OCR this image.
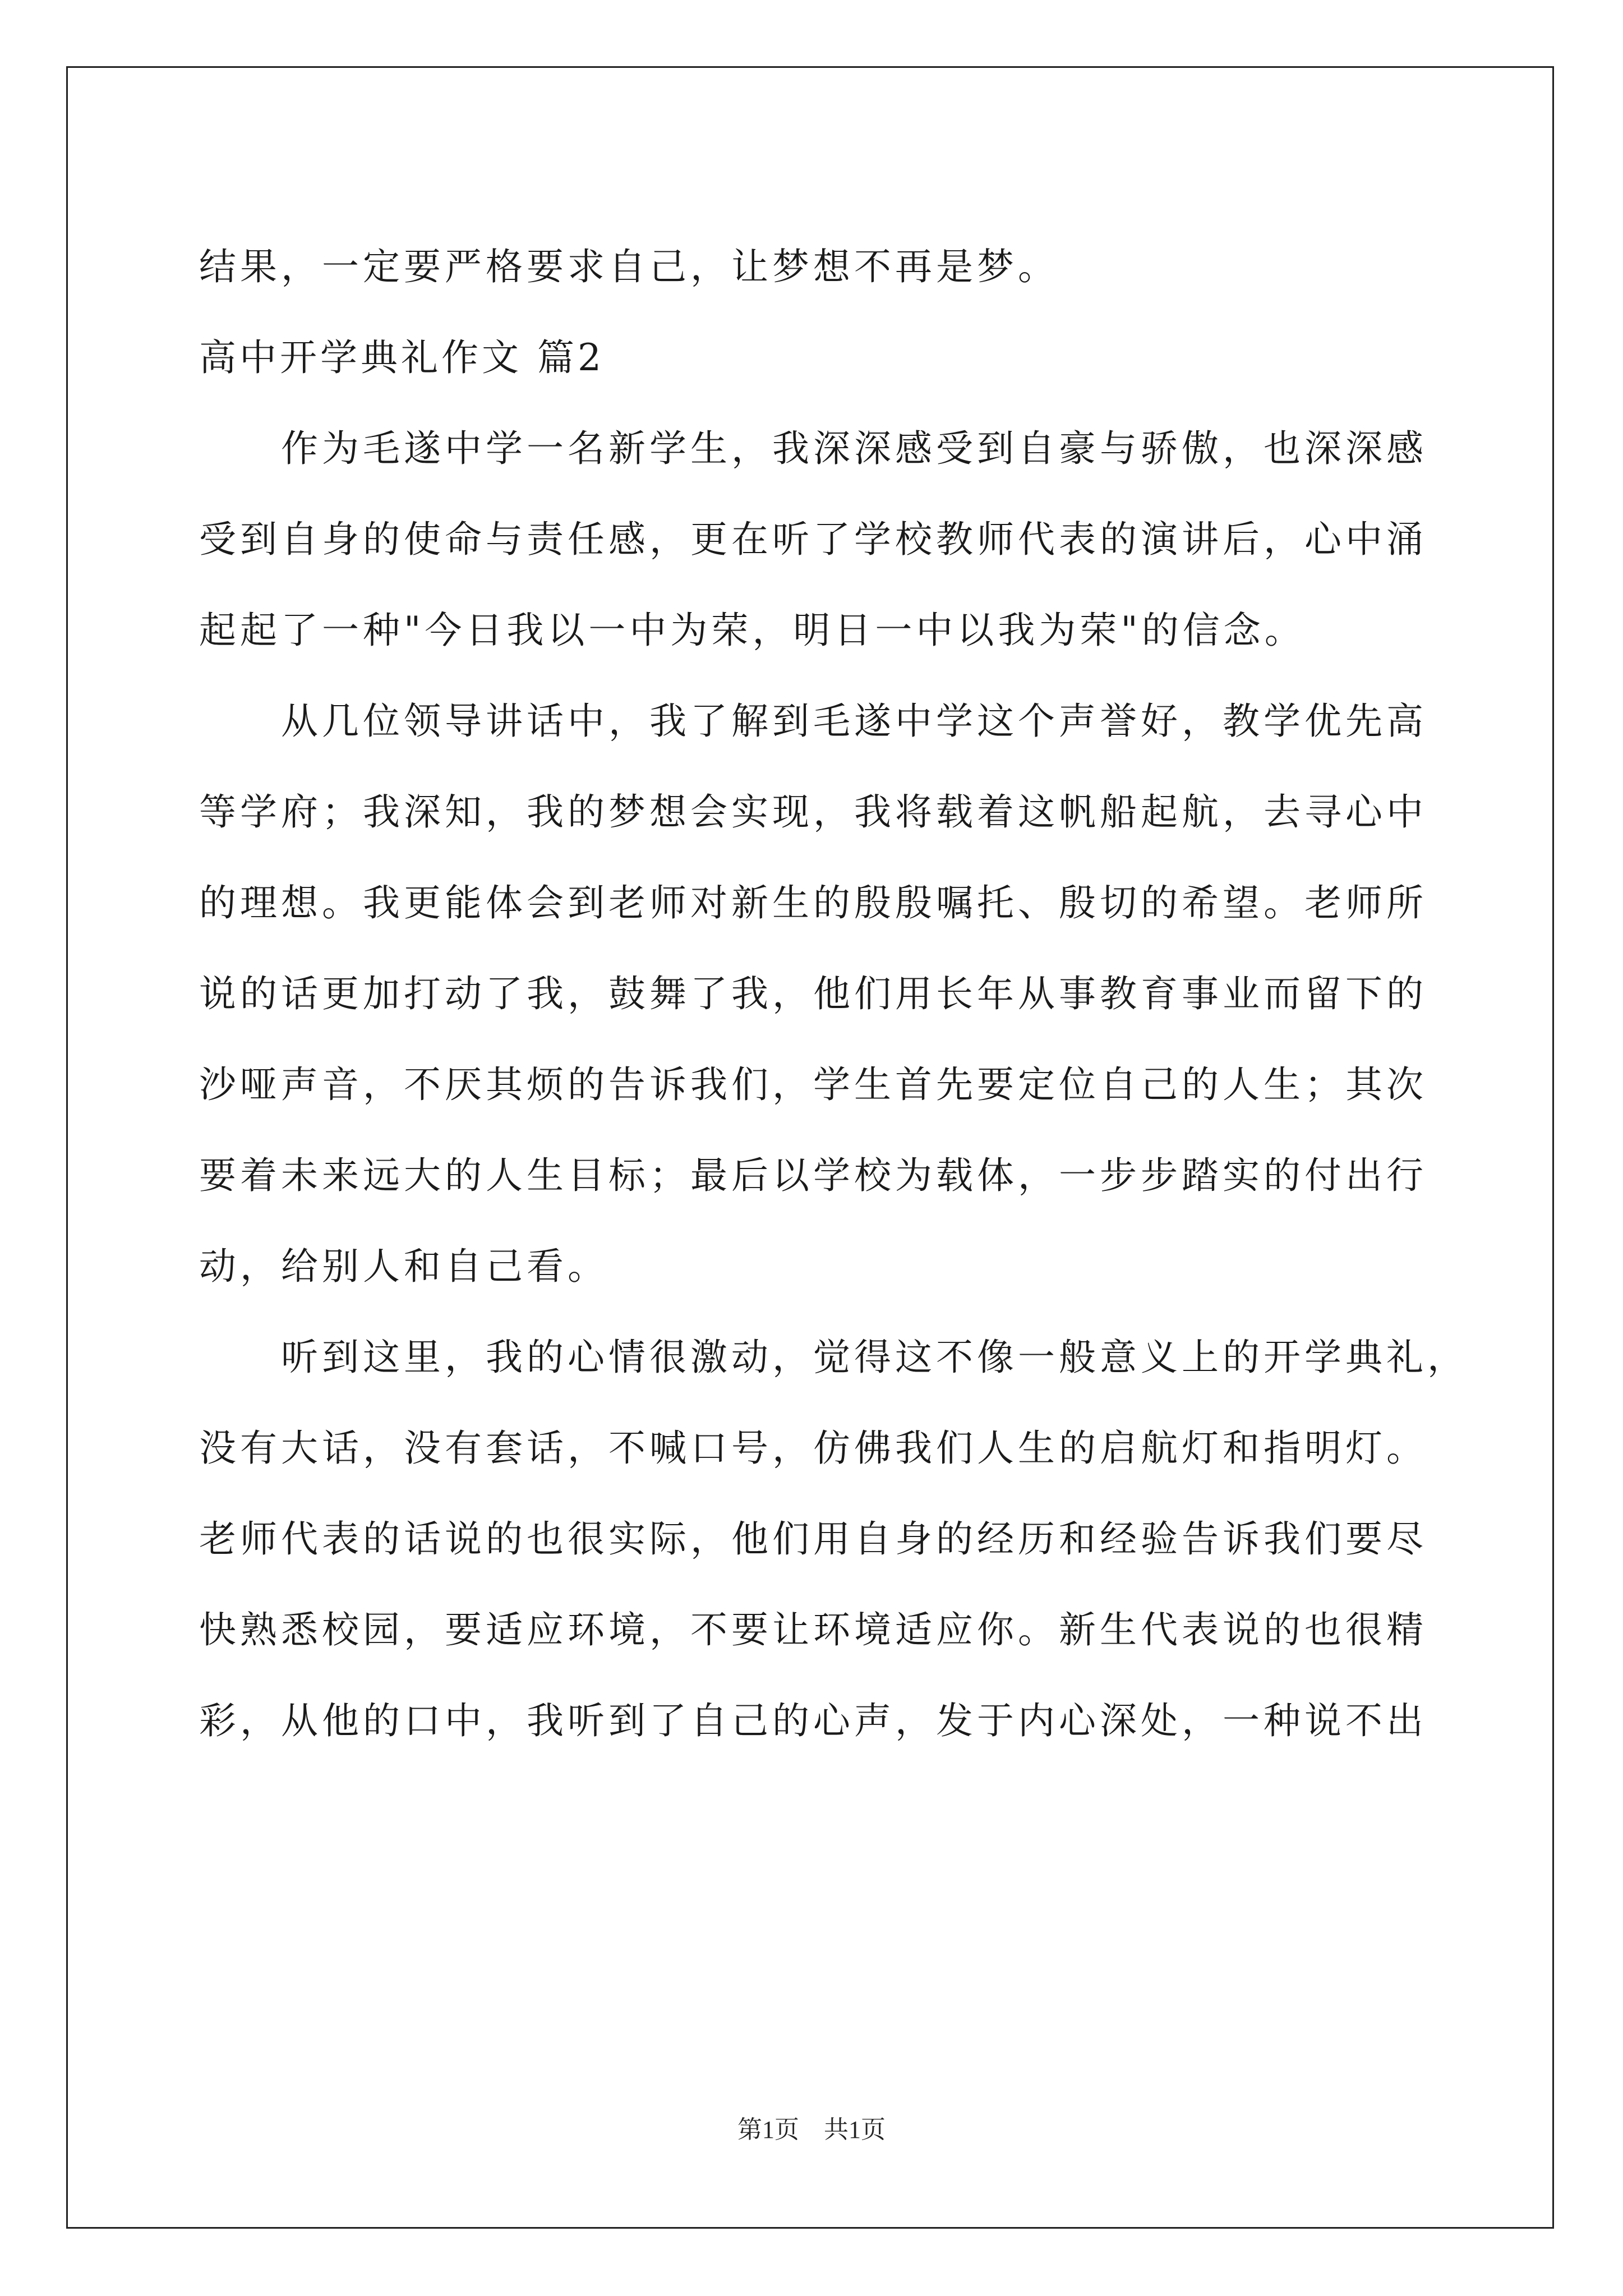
结果，一定要严格要求自己，让梦想不再是梦。
高中开学典礼作文 篇2
作为毛遂中学一名新学生，我深深感受到自豪与骄傲，也深深感
受到自身的使命与责任感，更在听了学校教师代表的演讲后，心中涌
起起了一种"今日我以一中为荣，明日一中以我为荣"的信念。
从几位领导讲话中，我了解到毛遂中学这个声誉好，教学优先高
等学府；我深知，我的梦想会实现，我将载着这帆船起航，去寻心中
的理想。我更能体会到老师对新生的殷殷嘱托、殷切的希望。老师所
说的话更加打动了我，鼓舞了我，他们用长年从事教育事业而留下的
沙哑声音，不厌其烦的告诉我们，学生首先要定位自己的人生；其次
要着未来远大的人生目标；最后以学校为载体，一步步踏实的付出行
动，给别人和自己看。
听到这里，我的心情很激动，觉得这不像一般意义上的开学典礼，
没有大话，没有套话，不喊口号，仿佛我们人生的启航灯和指明灯。
老师代表的话说的也很实际，他们用自身的经历和经验告诉我们要尽
快熟悉校园，要适应环境，不要让环境适应你。新生代表说的也很精
彩，从他的口中，我听到了自己的心声，发于内心深处，一种说不出
第1页　共1页
